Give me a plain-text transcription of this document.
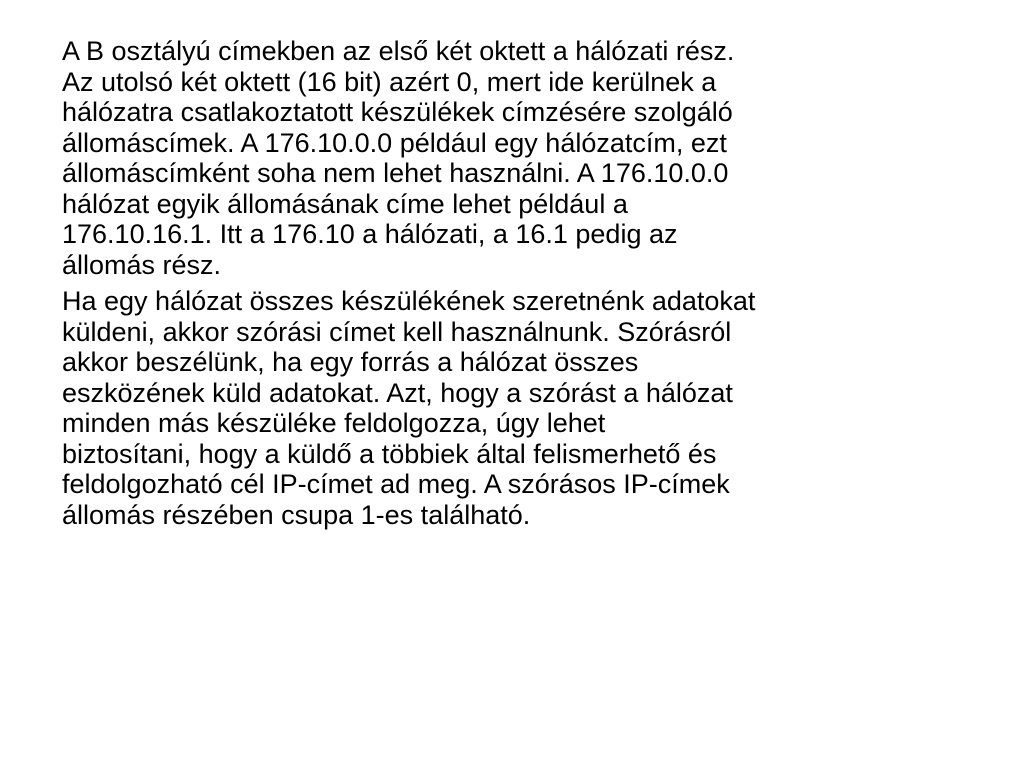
A B osztályú címekben az első két oktett a hálózati rész.
Az utolsó két oktett (16 bit) azért 0, mert ide kerülnek a
hálózatra csatlakoztatott készülékek címzésére szolgáló
állomáscímek. A 176.10.0.0 például egy hálózatcím, ezt
állomáscímként soha nem lehet használni. A 176.10.0.0
hálózat egyik állomásának címe lehet például a
176.10.16.1. Itt a 176.10 a hálózati, a 16.1 pedig az
állomás rész.

Ha egy hálózat összes készülékének szeretnénk adatokat
küldeni, akkor szórási címet kell használnunk. Szórásról
akkor beszélünk, ha egy forrás a hálózat összes
eszközének küld adatokat. Azt, hogy a szórást a hálózat
minden más készüléke feldolgozza, úgy lehet
biztosítani, hogy a küldő a többiek által felismerhető és
feldolgozható cél IP-címet ad meg. A szórásos IP-címek
állomás részében csupa 1-es található.
